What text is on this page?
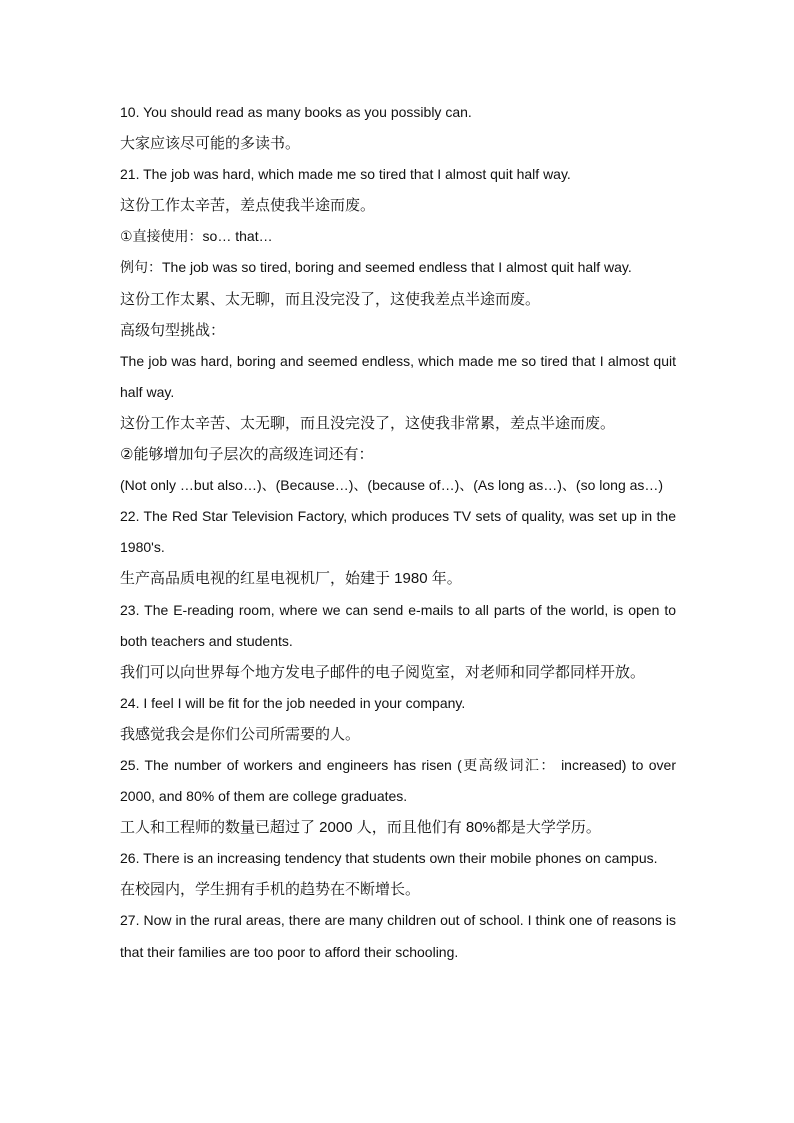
10. You should read as many books as you possibly can.

大家应该尽可能的多读书。

21. The job was hard, which made me so tired that I almost quit half way.

这份工作太辛苦，差点使我半途而废。

①直接使用：so… that…

例句：The job was so tired, boring and seemed endless that I almost quit half way.

这份工作太累、太无聊，而且没完没了，这使我差点半途而废。

高级句型挑战：

The job was hard, boring and seemed endless, which made me so tired that I almost quit half way.

这份工作太辛苦、太无聊，而且没完没了，这使我非常累，差点半途而废。

②能够增加句子层次的高级连词还有：

(Not only …but also…)、(Because…)、(because of…)、(As long as…)、(so long as…)

22. The Red Star Television Factory, which produces TV sets of quality, was set up in the 1980's.

生产高品质电视的红星电视机厂，始建于 1980 年。

23. The E-reading room, where we can send e-mails to all parts of the world, is open to both teachers and students.

我们可以向世界每个地方发电子邮件的电子阅览室，对老师和同学都同样开放。

24. I feel I will be fit for the job needed in your company.

我感觉我会是你们公司所需要的人。

25. The number of workers and engineers has risen (更高级词汇： increased) to over 2000, and 80% of them are college graduates.

工人和工程师的数量已超过了 2000 人，而且他们有 80%都是大学学历。

26. There is an increasing tendency that students own their mobile phones on campus.

在校园内，学生拥有手机的趋势在不断增长。

27. Now in the rural areas, there are many children out of school. I think one of reasons is that their families are too poor to afford their schooling.
